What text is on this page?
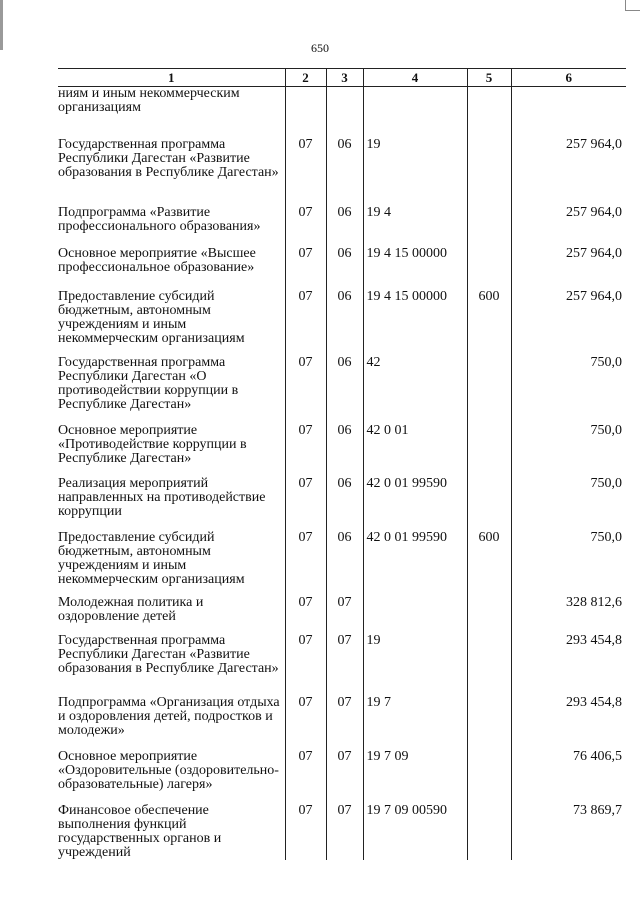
650
1	2	3	4	5	6
ниям и иным некоммерческим организациям					
Государственная программа Республики Дагестан «Развитие образования в Республике Дагестан»	07	06	19		257 964,0
Подпрограмма «Развитие профессионального образования»	07	06	19 4		257 964,0
Основное мероприятие «Высшее профессиональное образование»	07	06	19 4 15 00000		257 964,0
Предоставление субсидий бюджетным, автономным учреждениям и иным некоммерческим организациям	07	06	19 4 15 00000	600	257 964,0
Государственная программа Республики Дагестан «О противодействии коррупции в Республике Дагестан»	07	06	42		750,0
Основное мероприятие «Противодействие коррупции в Республике Дагестан»	07	06	42 0 01		750,0
Реализация мероприятий направленных на противодействие коррупции	07	06	42 0 01 99590		750,0
Предоставление субсидий бюджетным, автономным учреждениям и иным некоммерческим организациям	07	06	42 0 01 99590	600	750,0
Молодежная политика и оздоровление детей	07	07			328 812,6
Государственная программа Республики Дагестан «Развитие образования в Республике Дагестан»	07	07	19		293 454,8
Подпрограмма «Организация отдыха и оздоровления детей, подростков и молодежи»	07	07	19 7		293 454,8
Основное мероприятие «Оздоровительные (оздоровительно-образовательные) лагеря»	07	07	19 7 09		76 406,5
Финансовое обеспечение выполнения функций государственных органов и учреждений	07	07	19 7 09 00590		73 869,7
